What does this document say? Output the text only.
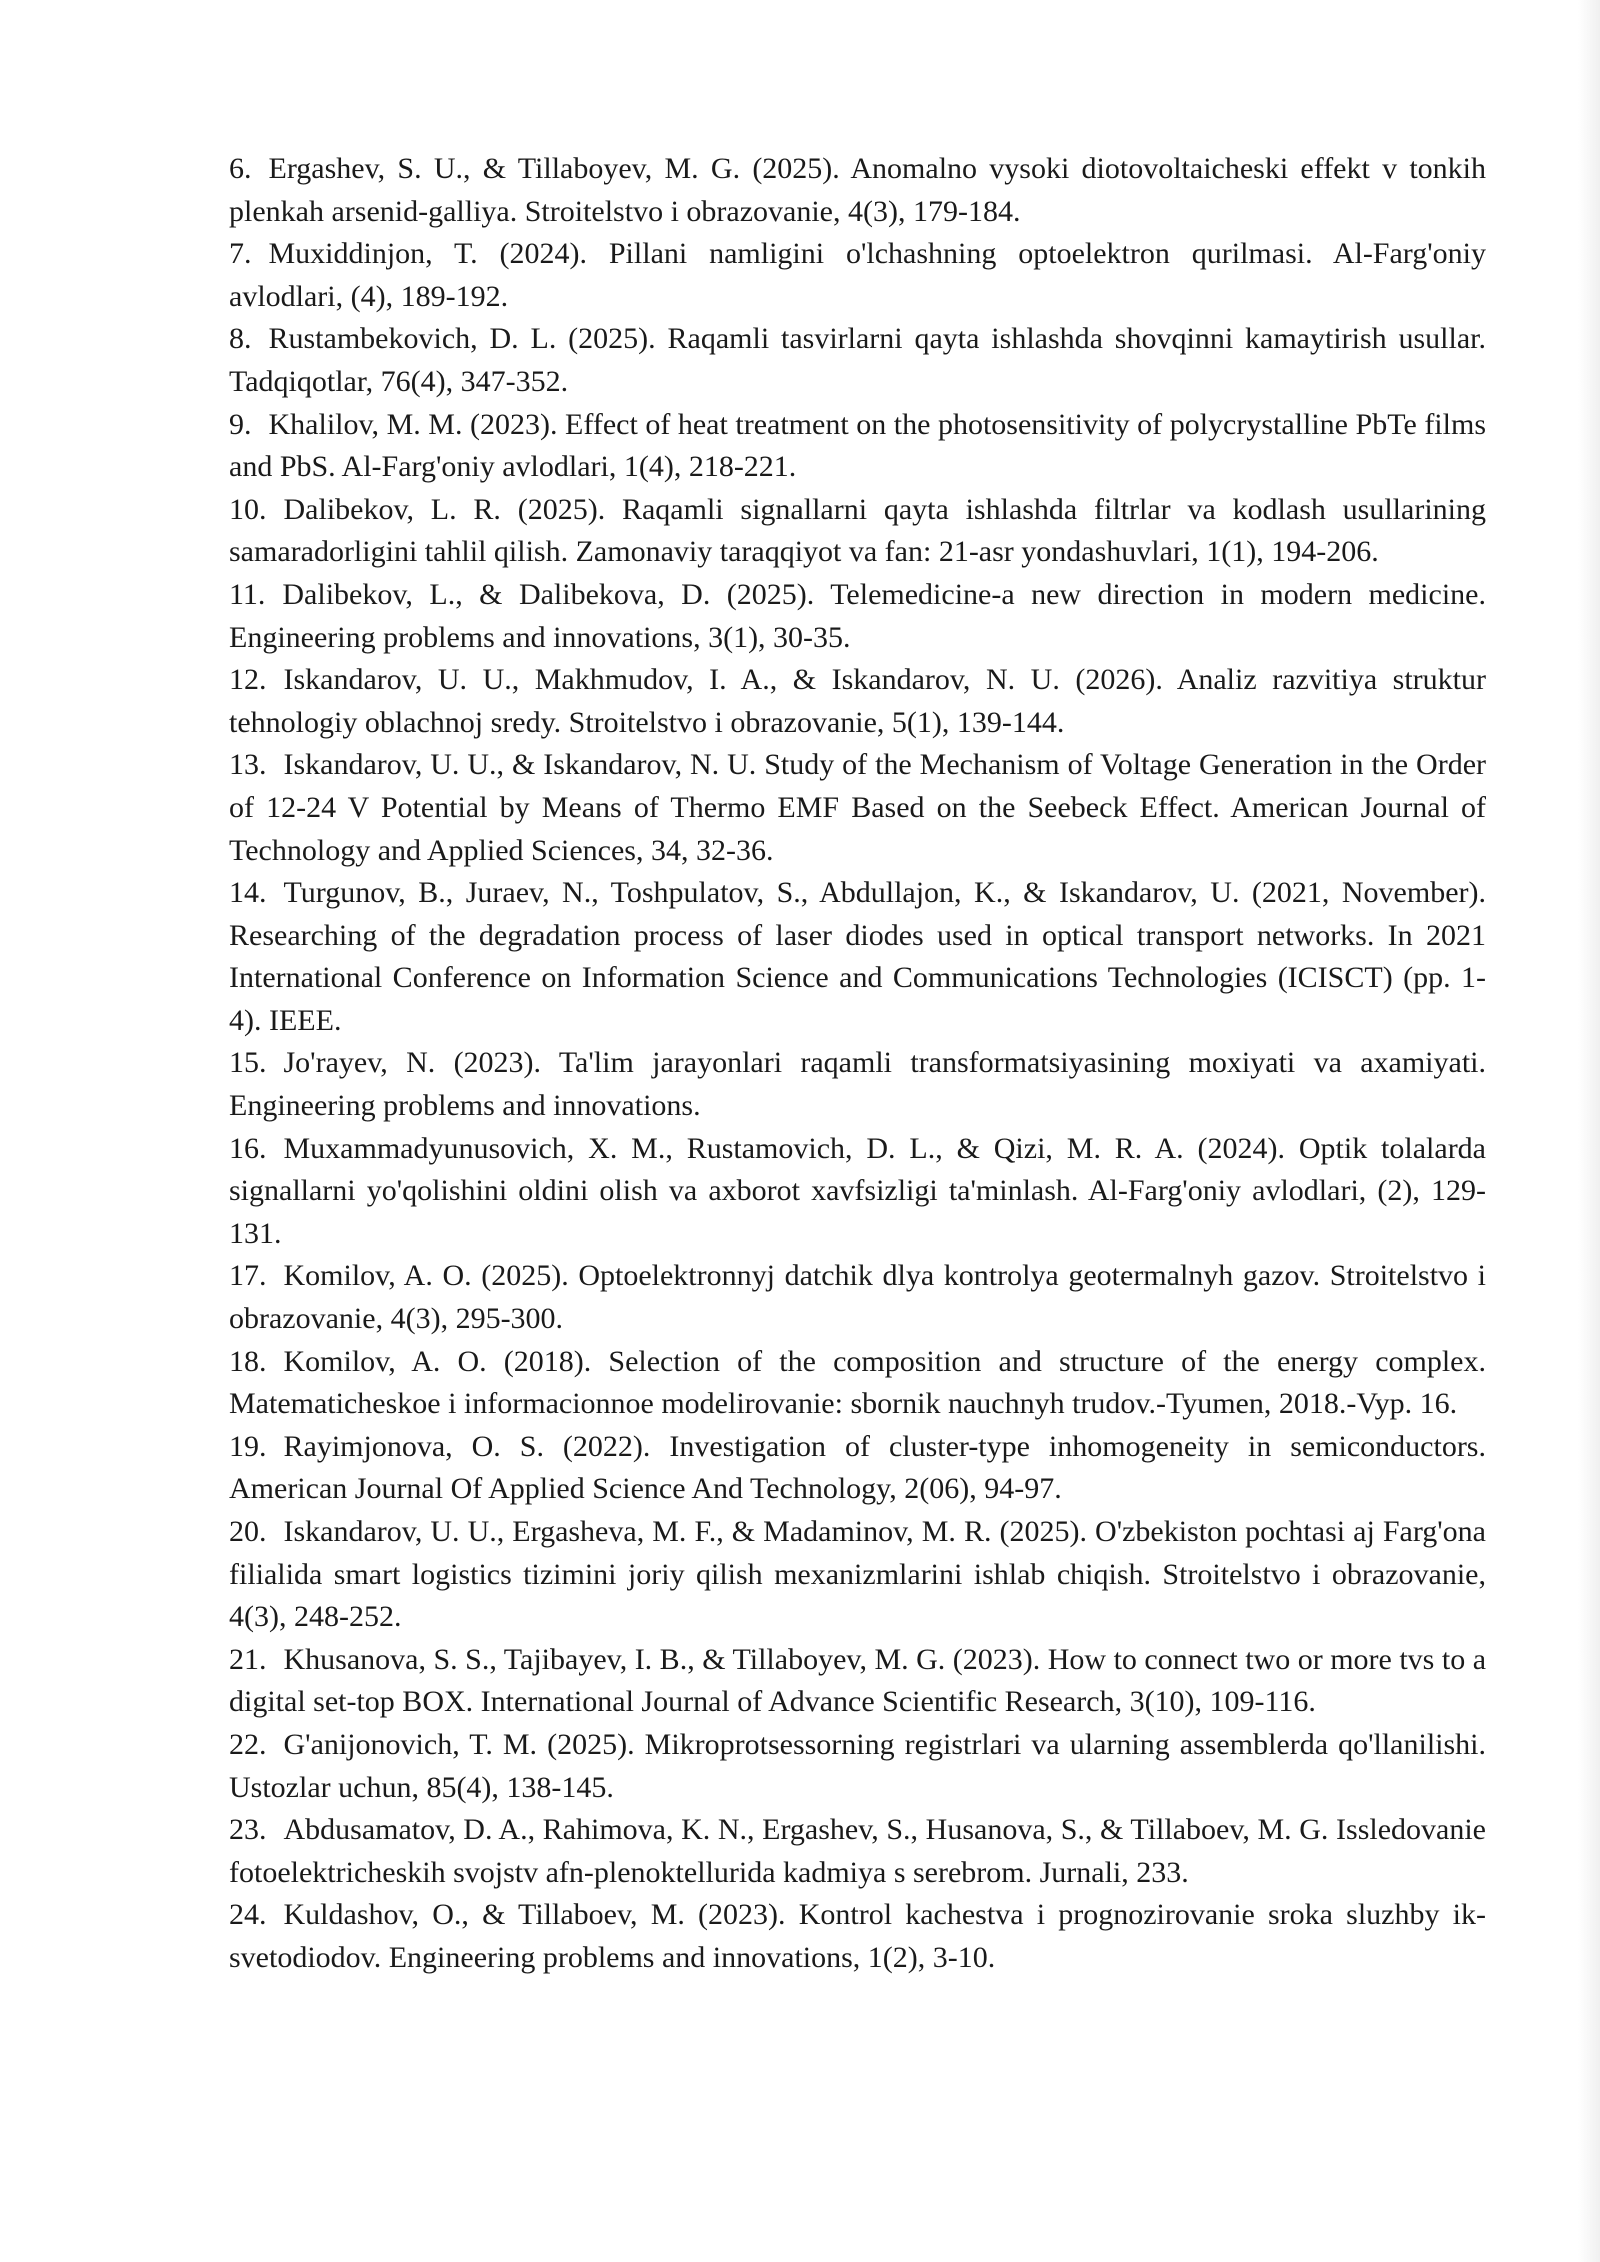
6. Ergashev, S. U., & Tillaboyev, M. G. (2025). Anomalno vysoki diotovoltaicheski effekt v tonkih plenkah arsenid-galliya. Stroitelstvo i obrazovanie, 4(3), 179-184.
7. Muxiddinjon, T. (2024). Pillani namligini o'lchashning optoelektron qurilmasi. Al-Farg'oniy avlodlari, (4), 189-192.
8. Rustambekovich, D. L. (2025). Raqamli tasvirlarni qayta ishlashda shovqinni kamaytirish usullar. Tadqiqotlar, 76(4), 347-352.
9. Khalilov, M. M. (2023). Effect of heat treatment on the photosensitivity of polycrystalline PbTe films and PbS. Al-Farg'oniy avlodlari, 1(4), 218-221.
10. Dalibekov, L. R. (2025). Raqamli signallarni qayta ishlashda filtrlar va kodlash usullarining samaradorligini tahlil qilish. Zamonaviy taraqqiyot va fan: 21-asr yondashuvlari, 1(1), 194-206.
11. Dalibekov, L., & Dalibekova, D. (2025). Telemedicine-a new direction in modern medicine. Engineering problems and innovations, 3(1), 30-35.
12. Iskandarov, U. U., Makhmudov, I. A., & Iskandarov, N. U. (2026). Analiz razvitiya struktur tehnologiy oblachnoj sredy. Stroitelstvo i obrazovanie, 5(1), 139-144.
13. Iskandarov, U. U., & Iskandarov, N. U. Study of the Mechanism of Voltage Generation in the Order of 12-24 V Potential by Means of Thermo EMF Based on the Seebeck Effect. American Journal of Technology and Applied Sciences, 34, 32-36.
14. Turgunov, B., Juraev, N., Toshpulatov, S., Abdullajon, K., & Iskandarov, U. (2021, November). Researching of the degradation process of laser diodes used in optical transport networks. In 2021 International Conference on Information Science and Communications Technologies (ICISCT) (pp. 1-4). IEEE.
15. Jo'rayev, N. (2023). Ta'lim jarayonlari raqamli transformatsiyasining moxiyati va axamiyati. Engineering problems and innovations.
16. Muxammadyunusovich, X. M., Rustamovich, D. L., & Qizi, M. R. A. (2024). Optik tolalarda signallarni yo'qolishini oldini olish va axborot xavfsizligi ta'minlash. Al-Farg'oniy avlodlari, (2), 129-131.
17. Komilov, A. O. (2025). Optoelektronnyj datchik dlya kontrolya geotermalnyh gazov. Stroitelstvo i obrazovanie, 4(3), 295-300.
18. Komilov, A. O. (2018). Selection of the composition and structure of the energy complex. Matematicheskoe i informacionnoe modelirovanie: sbornik nauchnyh trudov.-Tyumen, 2018.-Vyp. 16.
19. Rayimjonova, O. S. (2022). Investigation of cluster-type inhomogeneity in semiconductors. American Journal Of Applied Science And Technology, 2(06), 94-97.
20. Iskandarov, U. U., Ergasheva, M. F., & Madaminov, M. R. (2025). O'zbekiston pochtasi aj Farg'ona filialida smart logistics tizimini joriy qilish mexanizmlarini ishlab chiqish. Stroitelstvo i obrazovanie, 4(3), 248-252.
21. Khusanova, S. S., Tajibayev, I. B., & Tillaboyev, M. G. (2023). How to connect two or more tvs to a digital set-top BOX. International Journal of Advance Scientific Research, 3(10), 109-116.
22. G'anijonovich, T. M. (2025). Mikroprotsessorning registrlari va ularning assemblerda qo'llanilishi. Ustozlar uchun, 85(4), 138-145.
23. Abdusamatov, D. A., Rahimova, K. N., Ergashev, S., Husanova, S., & Tillaboev, M. G. Issledovanie fotoelektricheskih svojstv afn-plenoktellurida kadmiya s serebrom. Jurnali, 233.
24. Kuldashov, O., & Tillaboev, M. (2023). Kontrol kachestva i prognozirovanie sroka sluzhby ik-svetodiodov. Engineering problems and innovations, 1(2), 3-10.
